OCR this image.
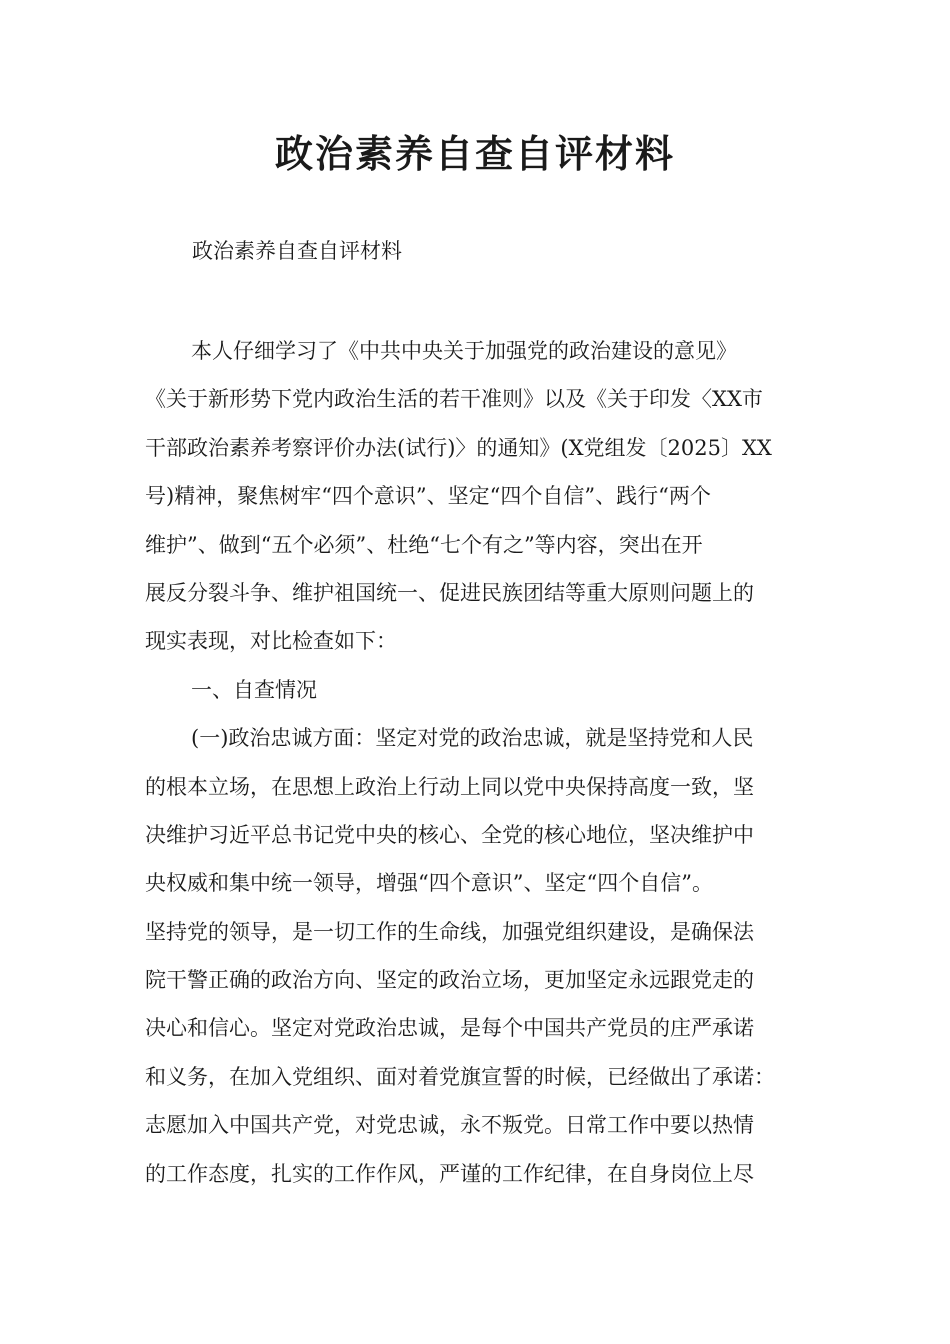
政治素养自查自评材料

政治素养自查自评材料

本人仔细学习了《中共中央关于加强党的政治建设的意见》
《关于新形势下党内政治生活的若干准则》以及《关于印发〈XX市
干部政治素养考察评价办法(试行)〉的通知》(X党组发〔2025〕XX
号)精神，聚焦树牢“四个意识”、坚定“四个自信”、践行“两个
维护”、做到“五个必须”、杜绝“七个有之”等内容，突出在开
展反分裂斗争、维护祖国统一、促进民族团结等重大原则问题上的
现实表现，对比检查如下：
一、自查情况
(一)政治忠诚方面：坚定对党的政治忠诚，就是坚持党和人民
的根本立场，在思想上政治上行动上同以党中央保持高度一致，坚
决维护习近平总书记党中央的核心、全党的核心地位，坚决维护中
央权威和集中统一领导，增强“四个意识”、坚定“四个自信”。
坚持党的领导，是一切工作的生命线，加强党组织建设，是确保法
院干警正确的政治方向、坚定的政治立场，更加坚定永远跟党走的
决心和信心。坚定对党政治忠诚，是每个中国共产党员的庄严承诺
和义务，在加入党组织、面对着党旗宣誓的时候，已经做出了承诺：
志愿加入中国共产党，对党忠诚，永不叛党。日常工作中要以热情
的工作态度，扎实的工作作风，严谨的工作纪律，在自身岗位上尽
